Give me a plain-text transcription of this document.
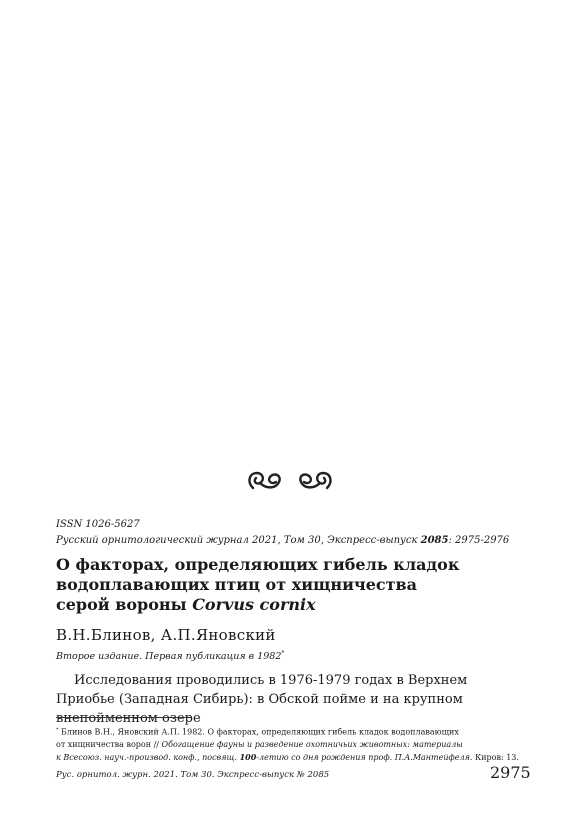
ISSN 1026-5627
Русский орнитологический журнал 2021, Том 30, Экспресс-выпуск 2085: 2975-2976
О факторах, определяющих гибель кладок
водоплавающих птиц от хищничества
серой вороны Corvus cornix
В.Н.Блинов, А.П.Яновский
Второе издание. Первая публикация в 1982*

Исследования проводились в 1976-1979 годах в Верхнем Приобье (Западная Сибирь): в Обской пойме и на крупном внепойменном озере

* Блинов В.Н., Яновский А.П. 1982. О факторах, определяющих гибель кладок водоплавающих
от хищничества ворон // Обогащение фауны и разведение охотничьих животных: материалы
к Всесоюз. науч.-производ. конф., посвящ. 100-летию со дня рождения проф. П.А.Мантейфеля. Киров: 13.
Рус. орнитол. журн. 2021. Том 30. Экспресс-выпуск № 2085	2975
